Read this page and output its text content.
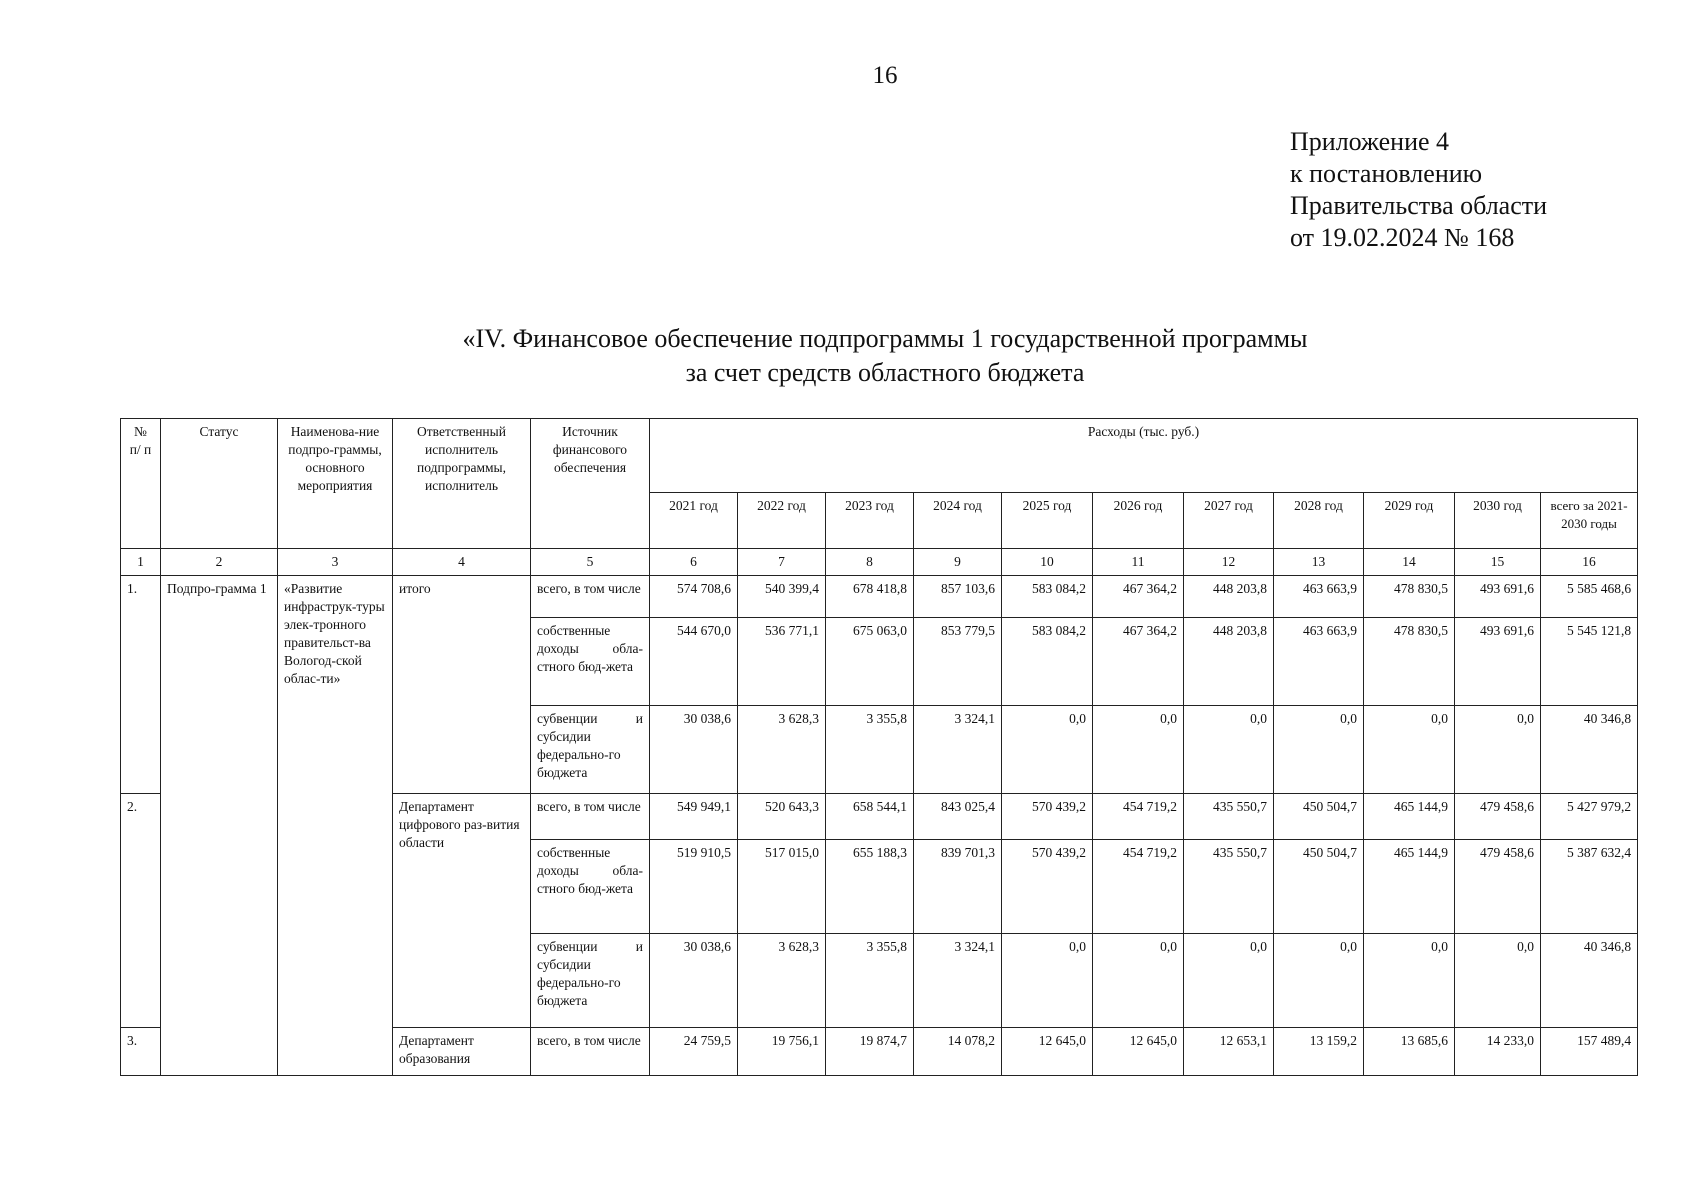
16
Приложение 4
к постановлению
Правительства области
от 19.02.2024 № 168
«IV. Финансовое обеспечение подпрограммы 1 государственной программы
за счет средств областного бюджета
№ п/ п	Статус	Наименова-ние подпро-граммы, основного мероприятия	Ответственный исполнитель подпрограммы, исполнитель	Источник финансового обеспечения	Расходы (тыс. руб.)										
					2021 год	2022 год	2023 год	2024 год	2025 год	2026 год	2027 год	2028 год	2029 год	2030 год	всего за 2021-2030 годы
1	2	3	4	5	6	7	8	9	10	11	12	13	14	15	16
1.	Подпро-грамма 1	«Развитие инфраструк-туры элек-тронного правительст-ва Вологод-ской облас-ти»	итого	всего, в том числе	574 708,6	540 399,4	678 418,8	857 103,6	583 084,2	467 364,2	448 203,8	463 663,9	478 830,5	493 691,6	5 585 468,6
				собственные доходы обла-стного бюд-жета	544 670,0	536 771,1	675 063,0	853 779,5	583 084,2	467 364,2	448 203,8	463 663,9	478 830,5	493 691,6	5 545 121,8
				субвенции и субсидии федерально-го бюджета	30 038,6	3 628,3	3 355,8	3 324,1	0,0	0,0	0,0	0,0	0,0	0,0	40 346,8
2.			Департамент цифрового раз-вития области	всего, в том числе	549 949,1	520 643,3	658 544,1	843 025,4	570 439,2	454 719,2	435 550,7	450 504,7	465 144,9	479 458,6	5 427 979,2
				собственные доходы обла-стного бюд-жета	519 910,5	517 015,0	655 188,3	839 701,3	570 439,2	454 719,2	435 550,7	450 504,7	465 144,9	479 458,6	5 387 632,4
				субвенции и субсидии федерально-го бюджета	30 038,6	3 628,3	3 355,8	3 324,1	0,0	0,0	0,0	0,0	0,0	0,0	40 346,8
3.			Департамент образования	всего, в том числе	24 759,5	19 756,1	19 874,7	14 078,2	12 645,0	12 645,0	12 653,1	13 159,2	13 685,6	14 233,0	157 489,4
